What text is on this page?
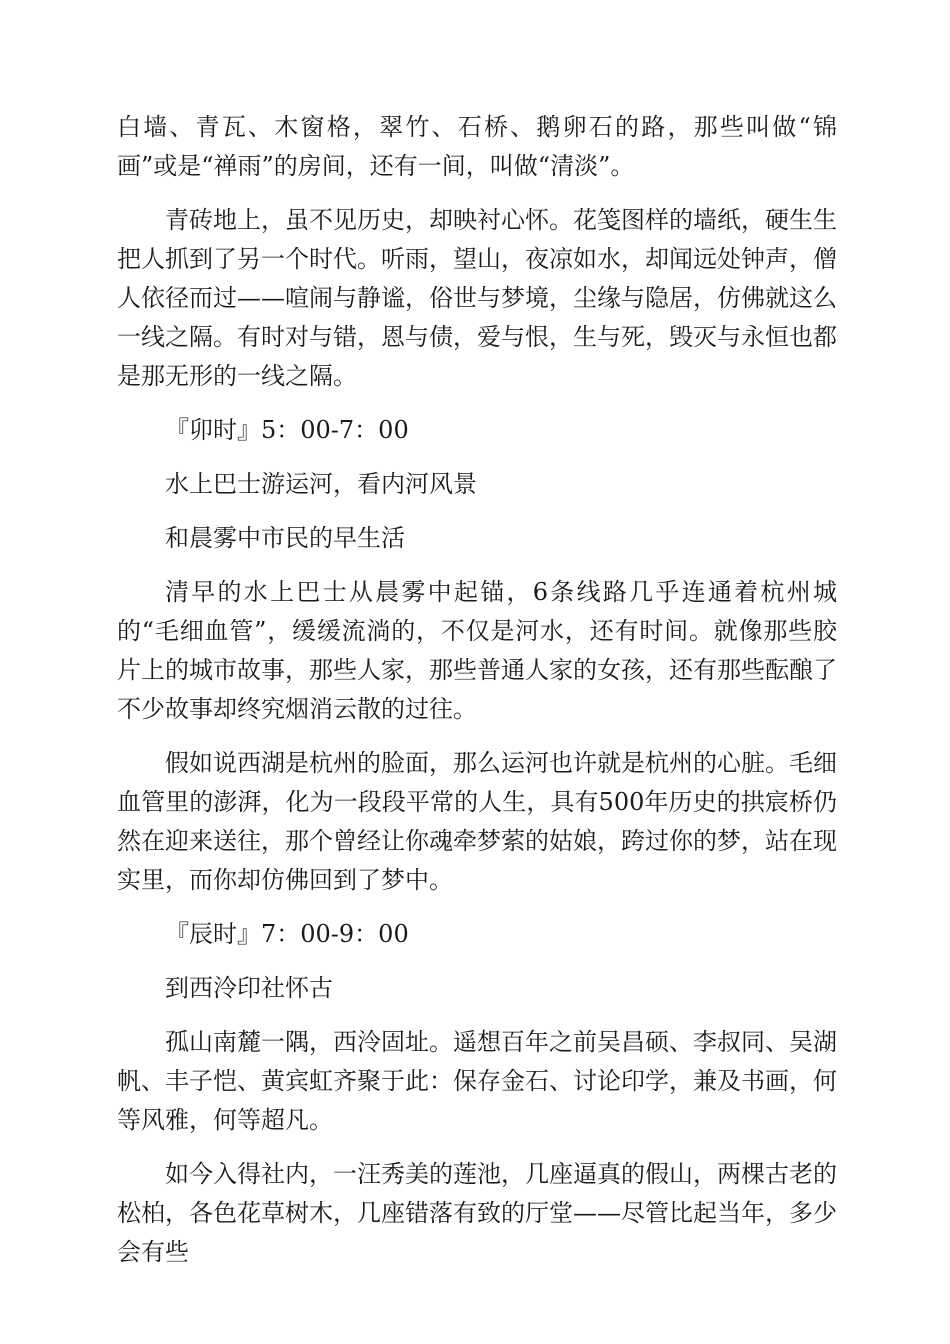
白墙、青瓦、木窗格，翠竹、石桥、鹅卵石的路，那些叫做“锦画”或是“禅雨”的房间，还有一间，叫做“清淡”。

青砖地上，虽不见历史，却映衬心怀。花笺图样的墙纸，硬生生把人抓到了另一个时代。听雨，望山，夜凉如水，却闻远处钟声，僧人依径而过——喧闹与静谧，俗世与梦境，尘缘与隐居，仿佛就这么一线之隔。有时对与错，恩与债，爱与恨，生与死，毁灭与永恒也都是那无形的一线之隔。

『卯时』5：00-7：00

水上巴士游运河，看内河风景

和晨雾中市民的早生活

清早的水上巴士从晨雾中起锚，6条线路几乎连通着杭州城的“毛细血管”，缓缓流淌的，不仅是河水，还有时间。就像那些胶片上的城市故事，那些人家，那些普通人家的女孩，还有那些酝酿了不少故事却终究烟消云散的过往。

假如说西湖是杭州的脸面，那么运河也许就是杭州的心脏。毛细血管里的澎湃，化为一段段平常的人生，具有500年历史的拱宸桥仍然在迎来送往，那个曾经让你魂牵梦萦的姑娘，跨过你的梦，站在现实里，而你却仿佛回到了梦中。

『辰时』7：00-9：00

到西泠印社怀古

孤山南麓一隅，西泠固址。遥想百年之前吴昌硕、李叔同、吴湖帆、丰子恺、黄宾虹齐聚于此：保存金石、讨论印学，兼及书画，何等风雅，何等超凡。

如今入得社内，一汪秀美的莲池，几座逼真的假山，两棵古老的松柏，各色花草树木，几座错落有致的厅堂——尽管比起当年，多少会有些
